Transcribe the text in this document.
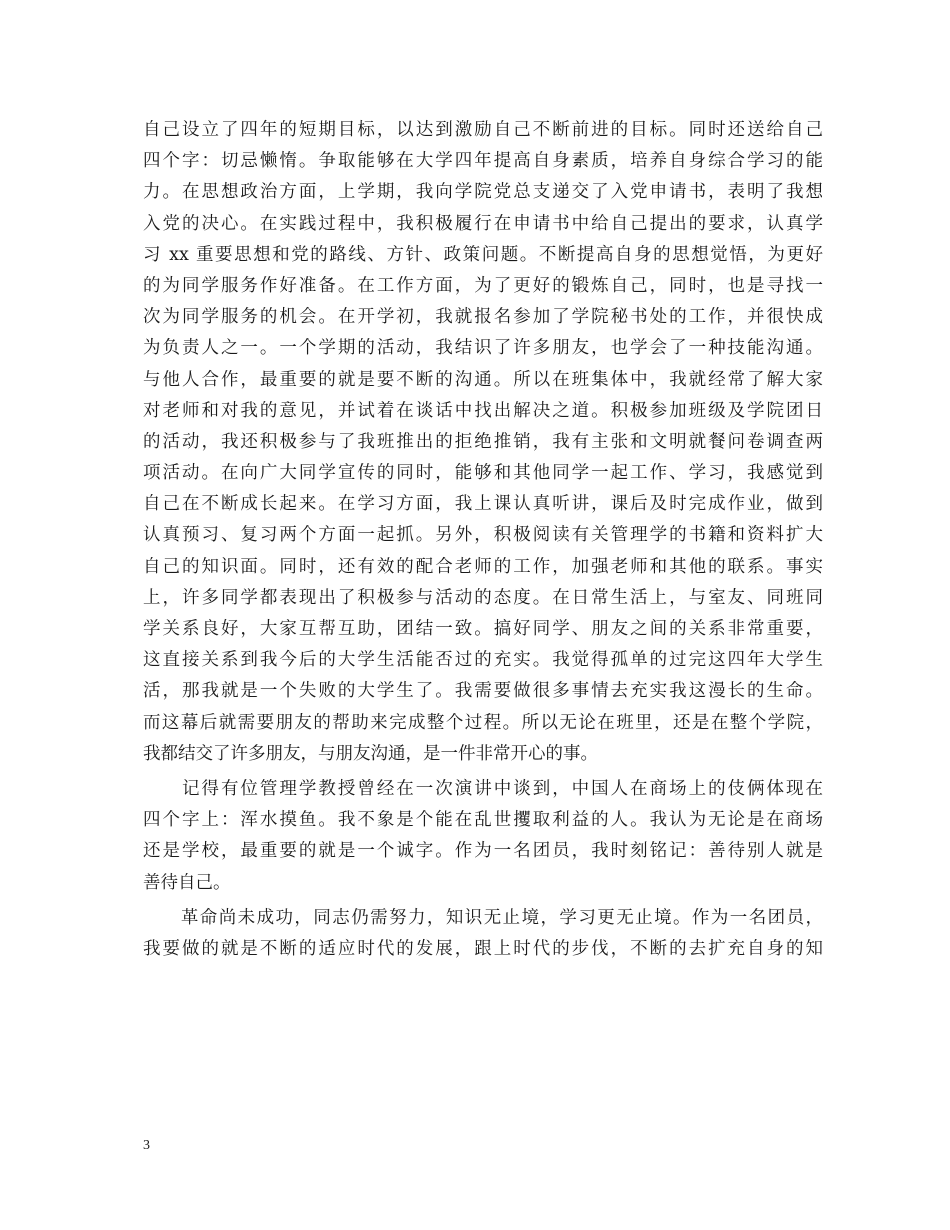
自己设立了四年的短期目标，以达到激励自己不断前进的目标。同时还送给自己
四个字：切忌懒惰。争取能够在大学四年提高自身素质，培养自身综合学习的能
力。在思想政治方面，上学期，我向学院党总支递交了入党申请书，表明了我想
入党的决心。在实践过程中，我积极履行在申请书中给自己提出的要求，认真学
习 xx 重要思想和党的路线、方针、政策问题。不断提高自身的思想觉悟，为更好
的为同学服务作好准备。在工作方面，为了更好的锻炼自己，同时，也是寻找一
次为同学服务的机会。在开学初，我就报名参加了学院秘书处的工作，并很快成
为负责人之一。一个学期的活动，我结识了许多朋友，也学会了一种技能沟通。
与他人合作，最重要的就是要不断的沟通。所以在班集体中，我就经常了解大家
对老师和对我的意见，并试着在谈话中找出解决之道。积极参加班级及学院团日
的活动，我还积极参与了我班推出的拒绝推销，我有主张和文明就餐问卷调查两
项活动。在向广大同学宣传的同时，能够和其他同学一起工作、学习，我感觉到
自己在不断成长起来。在学习方面，我上课认真听讲，课后及时完成作业，做到
认真预习、复习两个方面一起抓。另外，积极阅读有关管理学的书籍和资料扩大
自己的知识面。同时，还有效的配合老师的工作，加强老师和其他的联系。事实
上，许多同学都表现出了积极参与活动的态度。在日常生活上，与室友、同班同
学关系良好，大家互帮互助，团结一致。搞好同学、朋友之间的关系非常重要，
这直接关系到我今后的大学生活能否过的充实。我觉得孤单的过完这四年大学生
活，那我就是一个失败的大学生了。我需要做很多事情去充实我这漫长的生命。
而这幕后就需要朋友的帮助来完成整个过程。所以无论在班里，还是在整个学院，
我都结交了许多朋友，与朋友沟通，是一件非常开心的事。
　　记得有位管理学教授曾经在一次演讲中谈到，中国人在商场上的伎俩体现在
四个字上：浑水摸鱼。我不象是个能在乱世攫取利益的人。我认为无论是在商场
还是学校，最重要的就是一个诚字。作为一名团员，我时刻铭记：善待别人就是
善待自己。
　　革命尚未成功，同志仍需努力，知识无止境，学习更无止境。作为一名团员，
我要做的就是不断的适应时代的发展，跟上时代的步伐，不断的去扩充自身的知
3
